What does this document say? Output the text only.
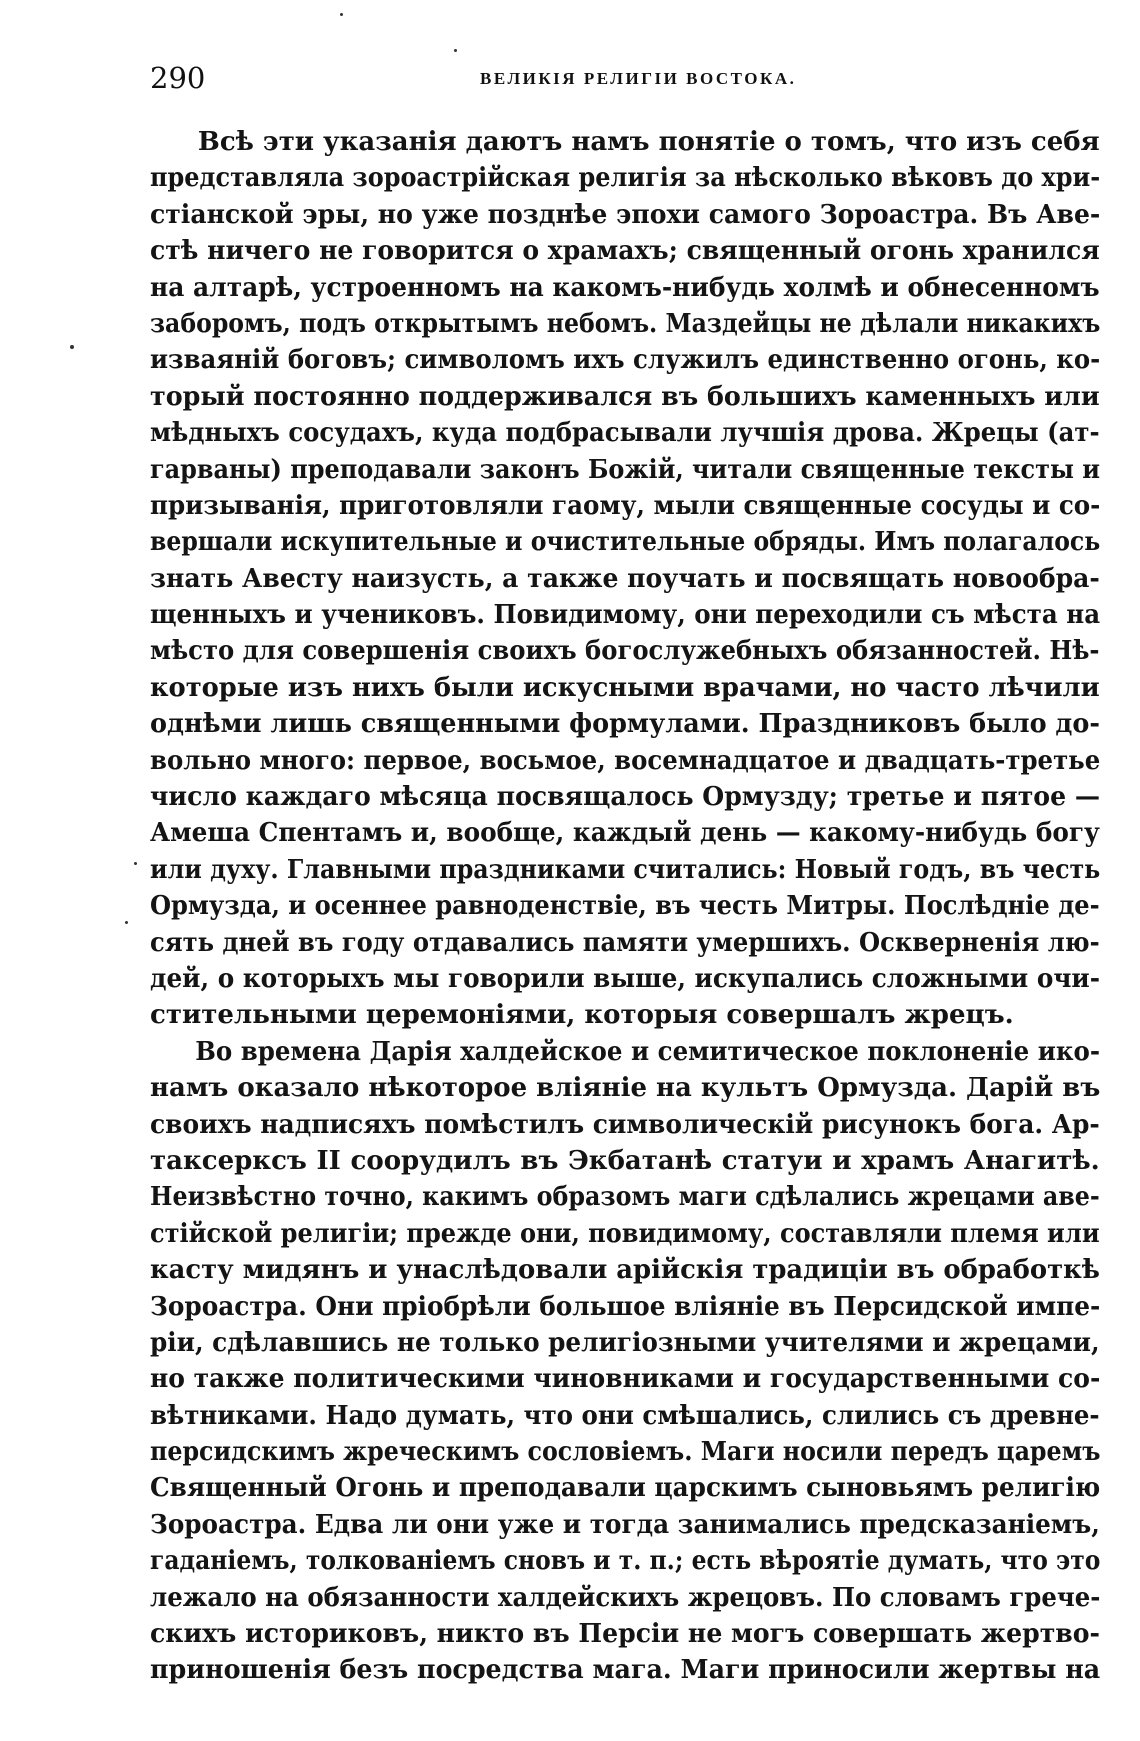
290	ВЕЛИКІЯ РЕЛИГІИ ВОСТОКА.
Всѣ эти указанія даютъ намъ понятіе о томъ, что изъ себя
представляла зороастрійская религія за нѣсколько вѣковъ до хри-
стіанской эры, но уже позднѣе эпохи самого Зороастра. Въ Аве-
стѣ ничего не говорится о храмахъ; священный огонь хранился
на алтарѣ, устроенномъ на какомъ-нибудь холмѣ и обнесенномъ
заборомъ, подъ открытымъ небомъ. Маздейцы не дѣлали никакихъ
изваяній боговъ; символомъ ихъ служилъ единственно огонь, ко-
торый постоянно поддерживался въ большихъ каменныхъ или
мѣдныхъ сосудахъ, куда подбрасывали лучшія дрова. Жрецы (ат-
гарваны) преподавали законъ Божій, читали священные тексты и
призыванія, приготовляли гаому, мыли священные сосуды и со-
вершали искупительные и очистительные обряды. Имъ полагалось
знать Авесту наизусть, а также поучать и посвящать новообра-
щенныхъ и учениковъ. Повидимому, они переходили съ мѣста на
мѣсто для совершенія своихъ богослужебныхъ обязанностей. Нѣ-
которые изъ нихъ были искусными врачами, но часто лѣчили
однѣми лишь священными формулами. Праздниковъ было до-
вольно много: первое, восьмое, восемнадцатое и двадцать-третье
число каждаго мѣсяца посвящалось Ормузду; третье и пятое —
Амеша Спентамъ и, вообще, каждый день — какому-нибудь богу
или духу. Главными праздниками считались: Новый годъ, въ честь
Ормузда, и осеннее равноденствіе, въ честь Митры. Послѣдніе де-
сять дней въ году отдавались памяти умершихъ. Оскверненія лю-
дей, о которыхъ мы говорили выше, искупались сложными очи-
стительными церемоніями, которыя совершалъ жрецъ.
Во времена Дарія халдейское и семитическое поклоненіе ико-
намъ оказало нѣкоторое вліяніе на культъ Ормузда. Дарій въ
своихъ надписяхъ помѣстилъ символическій рисунокъ бога. Ар-
таксерксъ II соорудилъ въ Экбатанѣ статуи и храмъ Анагитѣ.
Неизвѣстно точно, какимъ образомъ маги сдѣлались жрецами аве-
стійской религіи; прежде они, повидимому, составляли племя или
касту мидянъ и унаслѣдовали арійскія традиціи въ обработкѣ
Зороастра. Они пріобрѣли большое вліяніе въ Персидской импе-
ріи, сдѣлавшись не только религіозными учителями и жрецами,
но также политическими чиновниками и государственными со-
вѣтниками. Надо думать, что они смѣшались, слились съ древне-
персидскимъ жреческимъ сословіемъ. Маги носили передъ царемъ
Священный Огонь и преподавали царскимъ сыновьямъ религію
Зороастра. Едва ли они уже и тогда занимались предсказаніемъ,
гаданіемъ, толкованіемъ сновъ и т. п.; есть вѣроятіе думать, что это
лежало на обязанности халдейскихъ жрецовъ. По словамъ грече-
скихъ историковъ, никто въ Персіи не могъ совершать жертво-
приношенія безъ посредства мага. Маги приносили жертвы на
